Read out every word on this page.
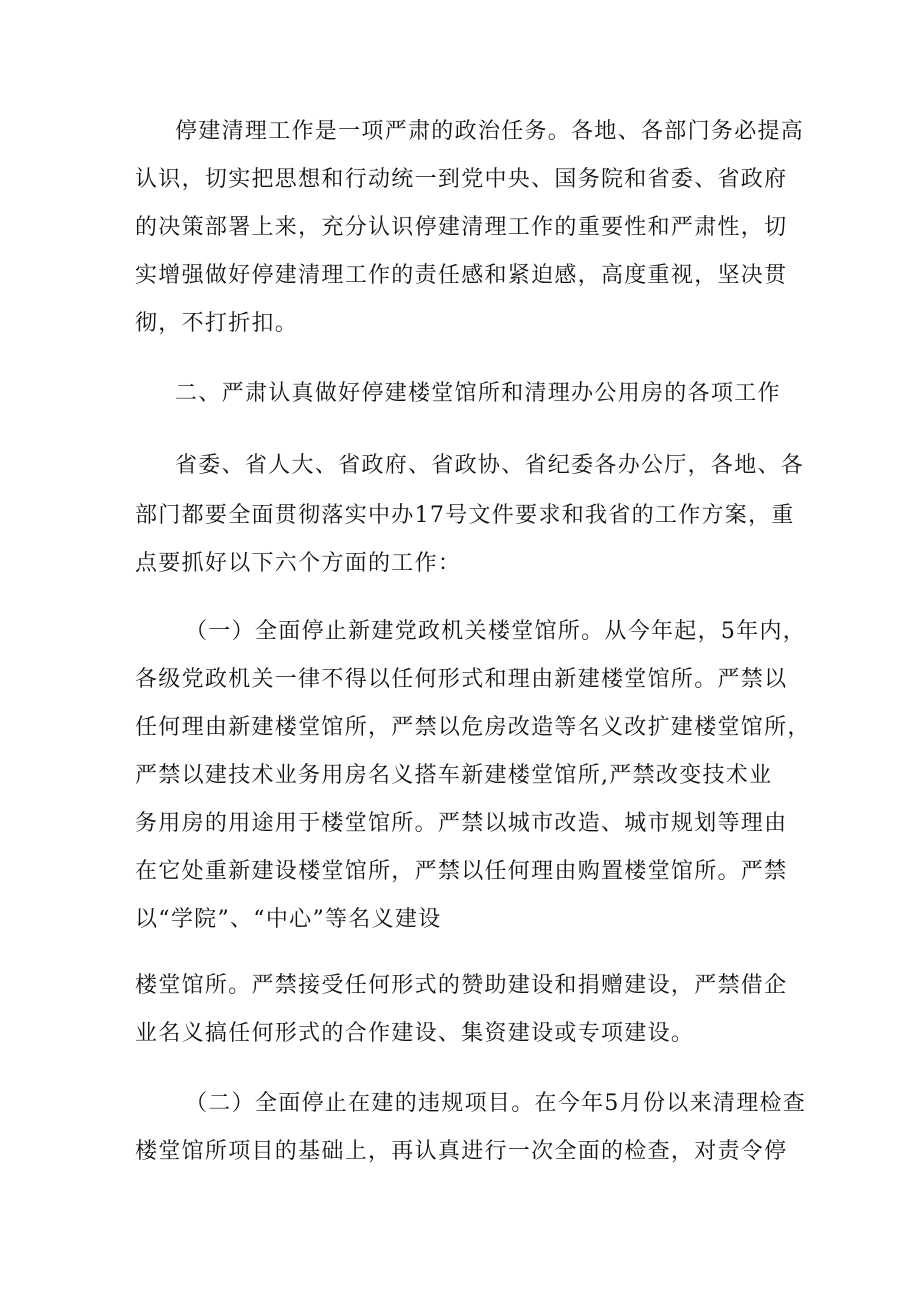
停建清理工作是一项严肃的政治任务。各地、各部门务必提高
认识，切实把思想和行动统一到党中央、国务院和省委、省政府
的决策部署上来，充分认识停建清理工作的重要性和严肃性，切
实增强做好停建清理工作的责任感和紧迫感，高度重视，坚决贯
彻，不打折扣。
二、严肃认真做好停建楼堂馆所和清理办公用房的各项工作
省委、省人大、省政府、省政协、省纪委各办公厅，各地、各
部门都要全面贯彻落实中办17号文件要求和我省的工作方案，重
点要抓好以下六个方面的工作：
（一）全面停止新建党政机关楼堂馆所。从今年起，5年内，
各级党政机关一律不得以任何形式和理由新建楼堂馆所。严禁以
任何理由新建楼堂馆所，严禁以危房改造等名义改扩建楼堂馆所，
严禁以建技术业务用房名义搭车新建楼堂馆所,严禁改变技术业
务用房的用途用于楼堂馆所。严禁以城市改造、城市规划等理由
在它处重新建设楼堂馆所，严禁以任何理由购置楼堂馆所。严禁
以“学院”、“中心”等名义建设
楼堂馆所。严禁接受任何形式的赞助建设和捐赠建设，严禁借企
业名义搞任何形式的合作建设、集资建设或专项建设。
（二）全面停止在建的违规项目。在今年5月份以来清理检查
楼堂馆所项目的基础上，再认真进行一次全面的检查，对责令停
